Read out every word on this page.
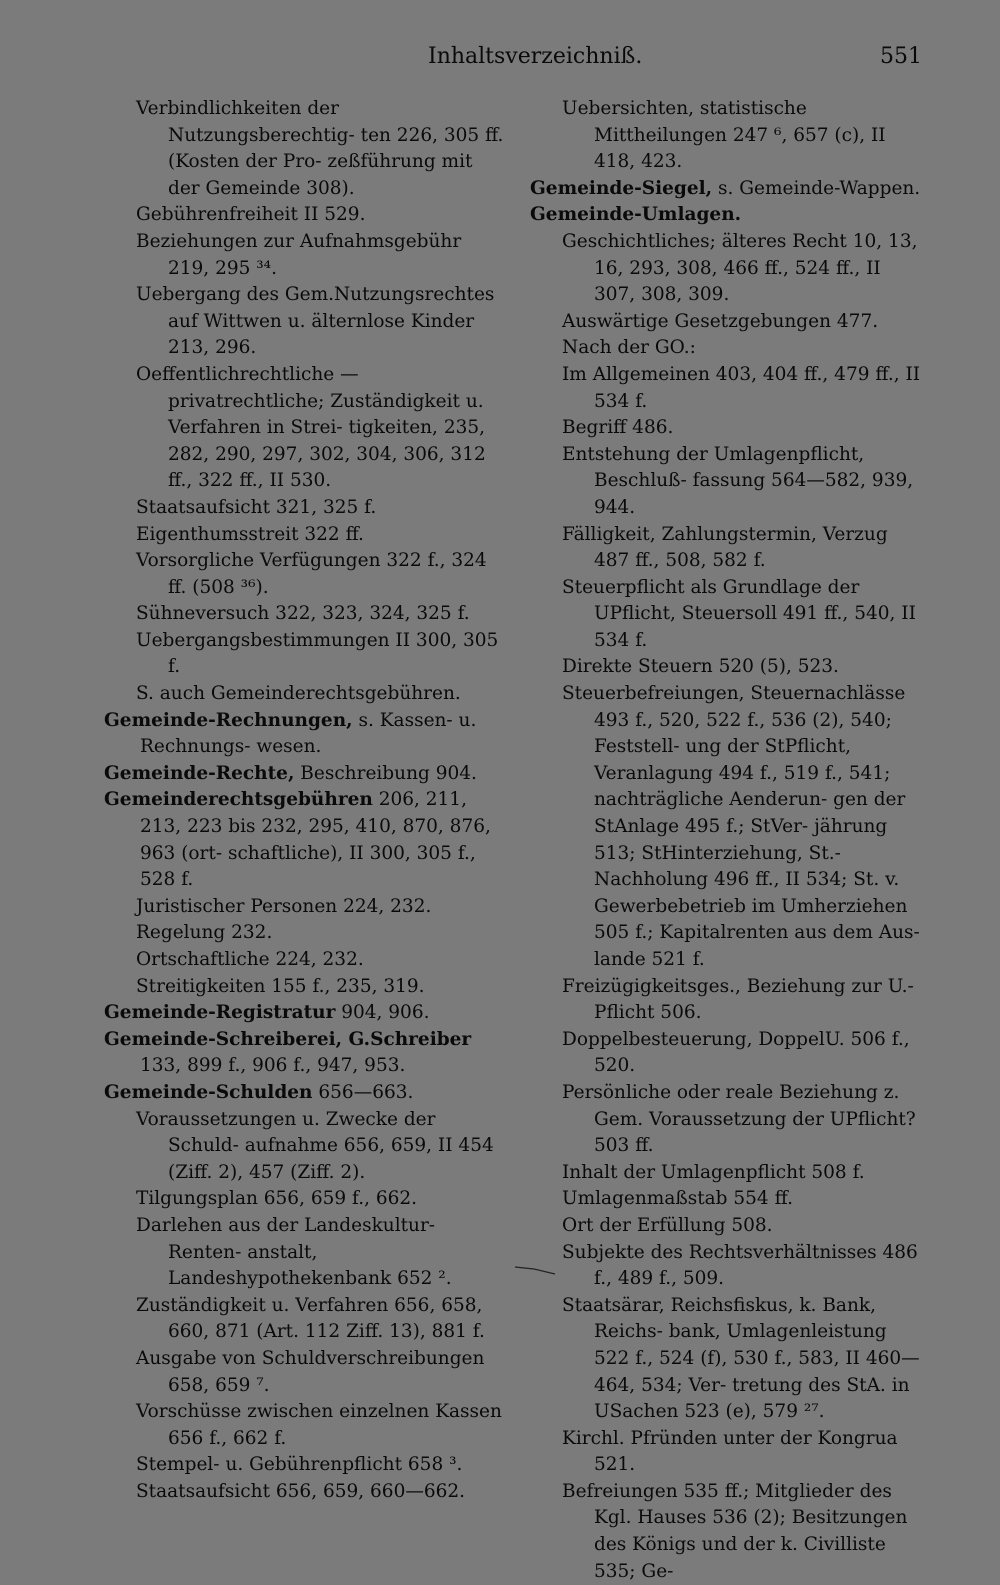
Inhaltsverzeichniß.	551

Verbindlichkeiten der Nutzungsberechtig- ten 226, 305 ff. (Kosten der Pro- zeßführung mit der Gemeinde 308).

Gebührenfreiheit II 529.

Beziehungen zur Aufnahmsgebühr 219, 295 ³⁴.

Uebergang des Gem.Nutzungsrechtes auf Wittwen u. älternlose Kinder 213, 296.

Oeffentlichrechtliche — privatrechtliche; Zuständigkeit u. Verfahren in Strei- tigkeiten, 235, 282, 290, 297, 302, 304, 306, 312 ff., 322 ff., II 530.

Staatsaufsicht 321, 325 f.

Eigenthumsstreit 322 ff.

Vorsorgliche Verfügungen 322 f., 324 ff. (508 ³⁶).

Sühneversuch 322, 323, 324, 325 f.

Uebergangsbestimmungen II 300, 305 f.

S. auch Gemeinderechtsgebühren.

Gemeinde-Rechnungen, s. Kassen- u. Rechnungs- wesen.

Gemeinde-Rechte, Beschreibung 904.

Gemeinderechtsgebühren 206, 211, 213, 223 bis 232, 295, 410, 870, 876, 963 (ort- schaftliche), II 300, 305 f., 528 f.

Juristischer Personen 224, 232.

Regelung 232.

Ortschaftliche 224, 232.

Streitigkeiten 155 f., 235, 319.

Gemeinde-Registratur 904, 906.

Gemeinde-Schreiberei, G.Schreiber 133, 899 f., 906 f., 947, 953.

Gemeinde-Schulden 656—663.

Voraussetzungen u. Zwecke der Schuld- aufnahme 656, 659, II 454 (Ziff. 2), 457 (Ziff. 2).

Tilgungsplan 656, 659 f., 662.

Darlehen aus der Landeskultur-Renten- anstalt, Landeshypothekenbank 652 ².

Zuständigkeit u. Verfahren 656, 658, 660, 871 (Art. 112 Ziff. 13), 881 f.

Ausgabe von Schuldverschreibungen 658, 659 ⁷.

Vorschüsse zwischen einzelnen Kassen 656 f., 662 f.

Stempel- u. Gebührenpflicht 658 ³.

Staatsaufsicht 656, 659, 660—662.

Uebersichten, statistische Mittheilungen 247 ⁶, 657 (c), II 418, 423.

Gemeinde-Siegel, s. Gemeinde-Wappen.

Gemeinde-Umlagen.

Geschichtliches; älteres Recht 10, 13, 16, 293, 308, 466 ff., 524 ff., II 307, 308, 309.

Auswärtige Gesetzgebungen 477.

Nach der GO.:

Im Allgemeinen 403, 404 ff., 479 ff., II 534 f.

Begriff 486.

Entstehung der Umlagenpflicht, Beschluß- fassung 564—582, 939, 944.

Fälligkeit, Zahlungstermin, Verzug 487 ff., 508, 582 f.

Steuerpflicht als Grundlage der UPflicht, Steuersoll 491 ff., 540, II 534 f.

Direkte Steuern 520 (5), 523.

Steuerbefreiungen, Steuernachlässe 493 f., 520, 522 f., 536 (2), 540; Feststell- ung der StPflicht, Veranlagung 494 f., 519 f., 541; nachträgliche Aenderun- gen der StAnlage 495 f.; StVer- jährung 513; StHinterziehung, St.- Nachholung 496 ff., II 534; St. v. Gewerbebetrieb im Umherziehen 505 f.; Kapitalrenten aus dem Aus- lande 521 f.

Freizügigkeitsges., Beziehung zur U.- Pflicht 506.

Doppelbesteuerung, DoppelU. 506 f., 520.

Persönliche oder reale Beziehung z. Gem. Voraussetzung der UPflicht? 503 ff.

Inhalt der Umlagenpflicht 508 f.

Umlagenmaßstab 554 ff.

Ort der Erfüllung 508.

Subjekte des Rechtsverhältnisses 486 f., 489 f., 509.

Staatsärar, Reichsfiskus, k. Bank, Reichs- bank, Umlagenleistung 522 f., 524 (f), 530 f., 583, II 460—464, 534; Ver- tretung des StA. in USachen 523 (e), 579 ²⁷.

Kirchl. Pfründen unter der Kongrua 521.

Befreiungen 535 ff.; Mitglieder des Kgl. Hauses 536 (2); Besitzungen des Königs und der k. Civilliste 535; Ge-
